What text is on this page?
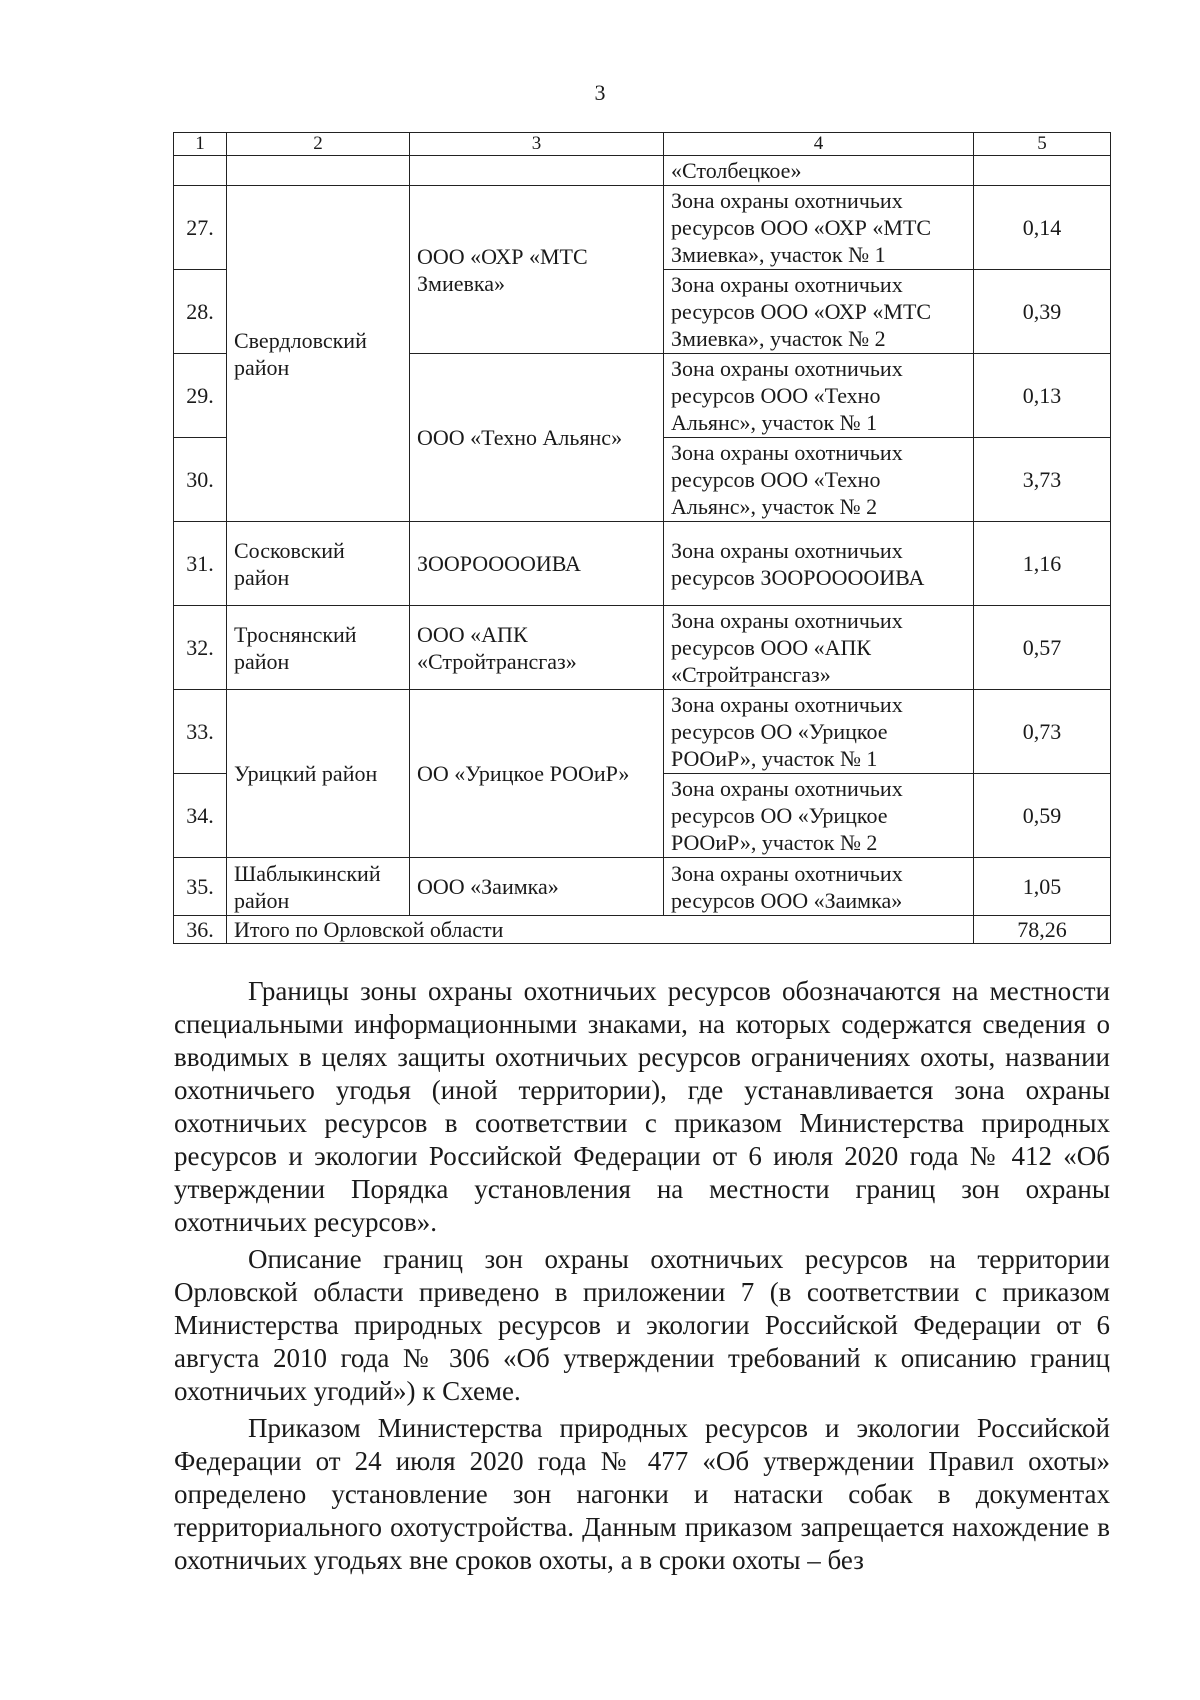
3
1	2	3	4	5
			«Столбецкое»	
27.	Свердловский район	ООО «ОХР «МТС Змиевка»	Зона охраны охотничьих ресурсов ООО «ОХР «МТС Змиевка», участок № 1	0,14
28.			Зона охраны охотничьих ресурсов ООО «ОХР «МТС Змиевка», участок № 2	0,39
29.		ООО «Техно Альянс»	Зона охраны охотничьих ресурсов ООО «Техно Альянс», участок № 1	0,13
30.			Зона охраны охотничьих ресурсов ООО «Техно Альянс», участок № 2	3,73
31.	Сосковский район	ЗООРООООИВА	Зона охраны охотничьих ресурсов ЗООРООООИВА	1,16
32.	Троснянский район	ООО «АПК «Стройтрансгаз»	Зона охраны охотничьих ресурсов ООО «АПК «Стройтрансгаз»	0,57
33.	Урицкий район	ОО «Урицкое РООиР»	Зона охраны охотничьих ресурсов ОО «Урицкое РООиР», участок № 1	0,73
34.			Зона охраны охотничьих ресурсов ОО «Урицкое РООиР», участок № 2	0,59
35.	Шаблыкинский район	ООО «Заимка»	Зона охраны охотничьих ресурсов ООО «Заимка»	1,05
36.	Итого по Орловской области			78,26

Границы зоны охраны охотничьих ресурсов обозначаются на местности специальными информационными знаками, на которых содержатся сведения о вводимых в целях защиты охотничьих ресурсов ограничениях охоты, названии охотничьего угодья (иной территории), где устанавливается зона охраны охотничьих ресурсов в соответствии с приказом Министерства природных ресурсов и экологии Российской Федерации от 6 июля 2020 года № 412 «Об утверждении Порядка установления на местности границ зон охраны охотничьих ресурсов».

Описание границ зон охраны охотничьих ресурсов на территории Орловской области приведено в приложении 7 (в соответствии с приказом Министерства природных ресурсов и экологии Российской Федерации от 6 августа 2010 года № 306 «Об утверждении требований к описанию границ охотничьих угодий») к Схеме.

Приказом Министерства природных ресурсов и экологии Российской Федерации от 24 июля 2020 года № 477 «Об утверждении Правил охоты» определено установление зон нагонки и натаски собак в документах территориального охотустройства. Данным приказом запрещается нахождение в охотничьих угодьях вне сроков охоты, а в сроки охоты – без
